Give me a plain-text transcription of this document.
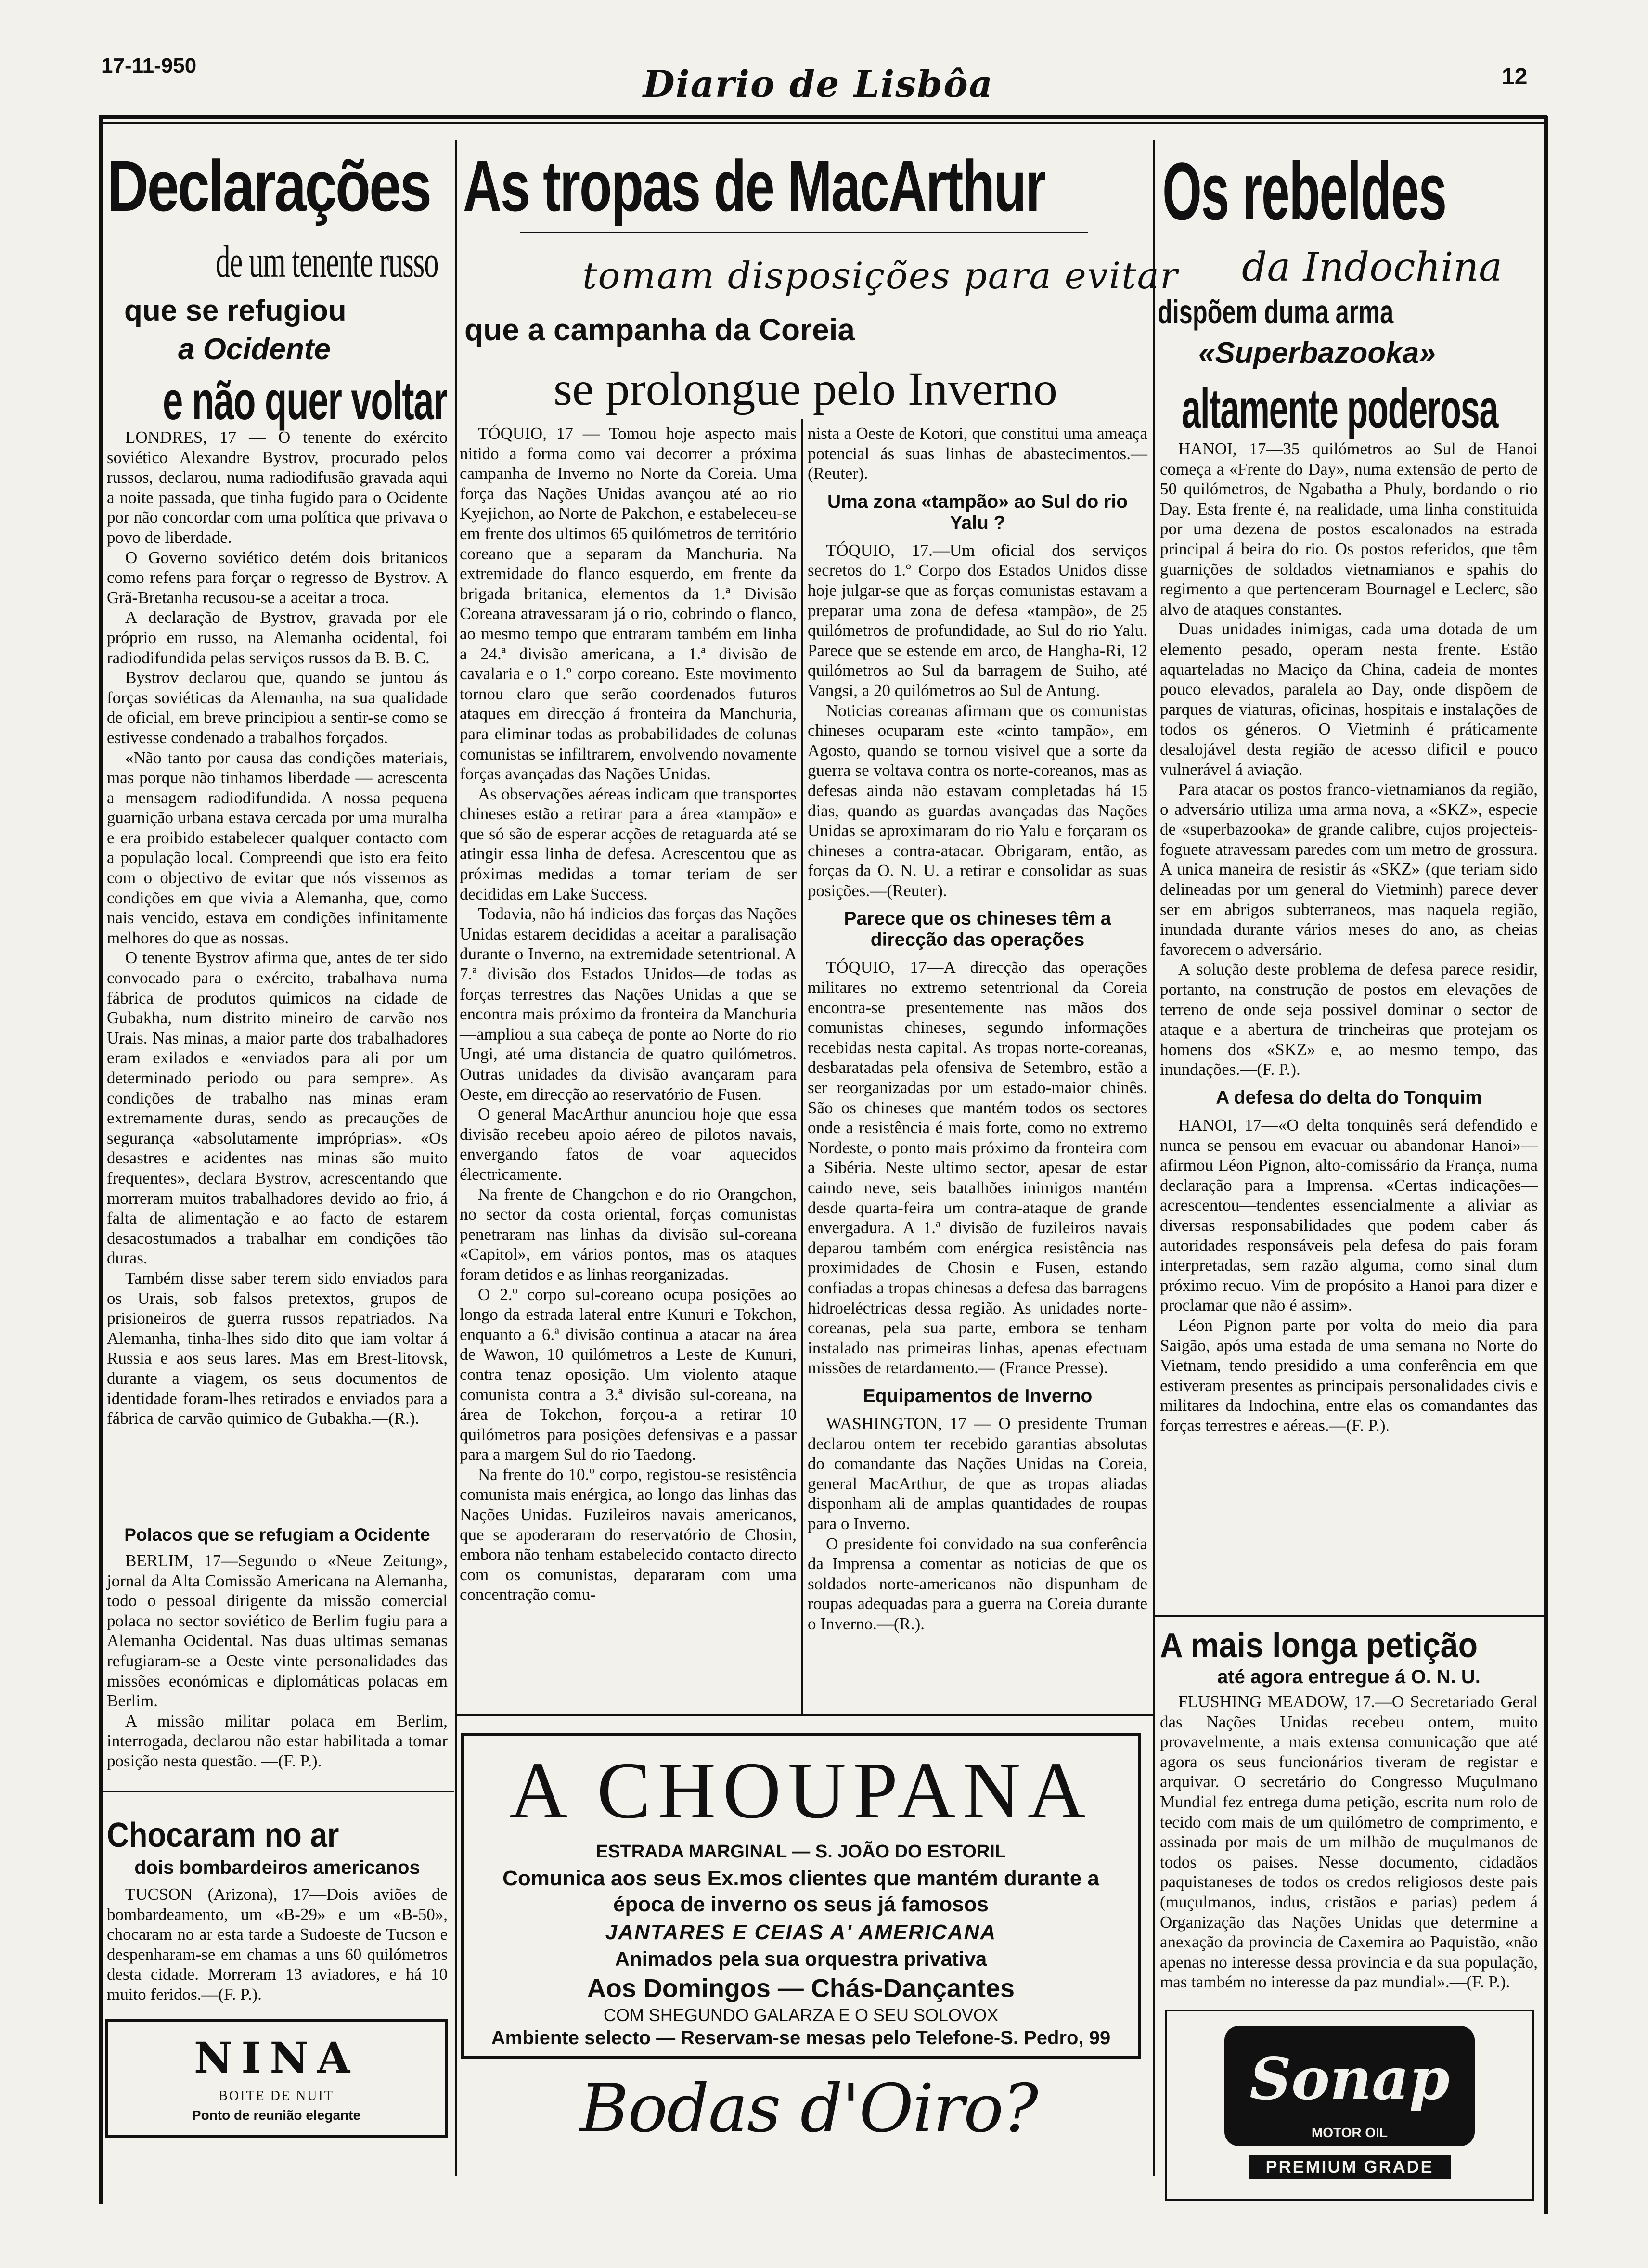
17-11-950	Diario de Lisbôa	12
Declarações
de um tenente russo
que se refugiou
a Ocidente
e não quer voltar

LONDRES, 17 — O tenente do exército soviético Alexandre Bystrov, procurado pelos russos, declarou, numa radiodifusão gravada aqui a noite passada, que tinha fugido para o Ocidente por não concordar com uma política que privava o povo de liberdade.

O Governo soviético detém dois britanicos como refens para forçar o regresso de Bystrov. A Grã-Bretanha recusou-se a aceitar a troca.

A declaração de Bystrov, gravada por ele próprio em russo, na Alemanha ocidental, foi radiodifundida pelas serviços russos da B. B. C.

Bystrov declarou que, quando se juntou ás forças soviéticas da Alemanha, na sua qualidade de oficial, em breve principiou a sentir-se como se estivesse condenado a trabalhos forçados.

«Não tanto por causa das condições materiais, mas porque não tinhamos liberdade — acrescenta a mensagem radiodifundida. A nossa pequena guarnição urbana estava cercada por uma muralha e era proibido estabelecer qualquer contacto com a população local. Compreendi que isto era feito com o objectivo de evitar que nós vissemos as condições em que vivia a Alemanha, que, como nais vencido, estava em condições infinitamente melhores do que as nossas.

O tenente Bystrov afirma que, antes de ter sido convocado para o exército, trabalhava numa fábrica de produtos quimicos na cidade de Gubakha, num distrito mineiro de carvão nos Urais. Nas minas, a maior parte dos trabalhadores eram exilados e «enviados para ali por um determinado periodo ou para sempre». As condições de trabalho nas minas eram extremamente duras, sendo as precauções de segurança «absolutamente impróprias». «Os desastres e acidentes nas minas são muito frequentes», declara Bystrov, acrescentando que morreram muitos trabalhadores devido ao frio, á falta de alimentação e ao facto de estarem desacostumados a trabalhar em condições tão duras.

Também disse saber terem sido enviados para os Urais, sob falsos pretextos, grupos de prisioneiros de guerra russos repatriados. Na Alemanha, tinha-lhes sido dito que iam voltar á Russia e aos seus lares. Mas em Brest-litovsk, durante a viagem, os seus documentos de identidade foram-lhes retirados e enviados para a fábrica de carvão quimico de Gubakha.—(R.).

Polacos que se refugiam a Ocidente

BERLIM, 17—Segundo o «Neue Zeitung», jornal da Alta Comissão Americana na Alemanha, todo o pessoal dirigente da missão comercial polaca no sector soviético de Berlim fugiu para a Alemanha Ocidental. Nas duas ultimas semanas refugiaram-se a Oeste vinte personalidades das missões económicas e diplomáticas polacas em Berlim.

A missão militar polaca em Berlim, interrogada, declarou não estar habilitada a tomar posição nesta questão. —(F. P.).

Chocaram no ar
dois bombardeiros americanos

TUCSON (Arizona), 17—Dois aviões de bombardeamento, um «B-29» e um «B-50», chocaram no ar esta tarde a Sudoeste de Tucson e despenharam-se em chamas a uns 60 quilómetros desta cidade. Morreram 13 aviadores, e há 10 muito feridos.—(F. P.).

NINA
BOITE DE NUIT
Ponto de reunião elegante
As tropas de MacArthur
tomam disposições para evitar
que a campanha da Coreia
se prolongue pelo Inverno

TÓQUIO, 17 — Tomou hoje aspecto mais nitido a forma como vai decorrer a próxima campanha de Inverno no Norte da Coreia. Uma força das Nações Unidas avançou até ao rio Kyejichon, ao Norte de Pakchon, e estabeleceu-se em frente dos ultimos 65 quilómetros de território coreano que a separam da Manchuria. Na extremidade do flanco esquerdo, em frente da brigada britanica, elementos da 1.ª Divisão Coreana atravessaram já o rio, cobrindo o flanco, ao mesmo tempo que entraram também em linha a 24.ª divisão americana, a 1.ª divisão de cavalaria e o 1.º corpo coreano. Este movimento tornou claro que serão coordenados futuros ataques em direcção á fronteira da Manchuria, para eliminar todas as probabilidades de colunas comunistas se infiltrarem, envolvendo novamente forças avançadas das Nações Unidas.

As observações aéreas indicam que transportes chineses estão a retirar para a área «tampão» e que só são de esperar acções de retaguarda até se atingir essa linha de defesa. Acrescentou que as próximas medidas a tomar teriam de ser decididas em Lake Success.

Todavia, não há indicios das forças das Nações Unidas estarem decididas a aceitar a paralisação durante o Inverno, na extremidade setentrional. A 7.ª divisão dos Estados Unidos—de todas as forças terrestres das Nações Unidas a que se encontra mais próximo da fronteira da Manchuria—ampliou a sua cabeça de ponte ao Norte do rio Ungi, até uma distancia de quatro quilómetros. Outras unidades da divisão avançaram para Oeste, em direcção ao reservatório de Fusen.

O general MacArthur anunciou hoje que essa divisão recebeu apoio aéreo de pilotos navais, envergando fatos de voar aquecidos électricamente.

Na frente de Changchon e do rio Orangchon, no sector da costa oriental, forças comunistas penetraram nas linhas da divisão sul-coreana «Capitol», em vários pontos, mas os ataques foram detidos e as linhas reorganizadas.

O 2.º corpo sul-coreano ocupa posições ao longo da estrada lateral entre Kunuri e Tokchon, enquanto a 6.ª divisão continua a atacar na área de Wawon, 10 quilómetros a Leste de Kunuri, contra tenaz oposição. Um violento ataque comunista contra a 3.ª divisão sul-coreana, na área de Tokchon, forçou-a a retirar 10 quilómetros para posições defensivas e a passar para a margem Sul do rio Taedong.

Na frente do 10.º corpo, registou-se resistência comunista mais enérgica, ao longo das linhas das Nações Unidas. Fuzileiros navais americanos, que se apoderaram do reservatório de Chosin, embora não tenham estabelecido contacto directo com os comunistas, depararam com uma concentração comu-

nista a Oeste de Kotori, que constitui uma ameaça potencial ás suas linhas de abastecimentos.—(Reuter).

Uma zona «tampão» ao Sul do rio Yalu ?

TÓQUIO, 17.—Um oficial dos serviços secretos do 1.º Corpo dos Estados Unidos disse hoje julgar-se que as forças comunistas estavam a preparar uma zona de defesa «tampão», de 25 quilómetros de profundidade, ao Sul do rio Yalu. Parece que se estende em arco, de Hangha-Ri, 12 quilómetros ao Sul da barragem de Suiho, até Vangsi, a 20 quilómetros ao Sul de Antung.

Noticias coreanas afirmam que os comunistas chineses ocuparam este «cinto tampão», em Agosto, quando se tornou visivel que a sorte da guerra se voltava contra os norte-coreanos, mas as defesas ainda não estavam completadas há 15 dias, quando as guardas avançadas das Nações Unidas se aproximaram do rio Yalu e forçaram os chineses a contra-atacar. Obrigaram, então, as forças da O. N. U. a retirar e consolidar as suas posições.—(Reuter).

Parece que os chineses têm a direcção das operações

TÓQUIO, 17—A direcção das operações militares no extremo setentrional da Coreia encontra-se presentemente nas mãos dos comunistas chineses, segundo informações recebidas nesta capital. As tropas norte-coreanas, desbaratadas pela ofensiva de Setembro, estão a ser reorganizadas por um estado-maior chinês. São os chineses que mantém todos os sectores onde a resistência é mais forte, como no extremo Nordeste, o ponto mais próximo da fronteira com a Sibéria. Neste ultimo sector, apesar de estar caindo neve, seis batalhões inimigos mantém desde quarta-feira um contra-ataque de grande envergadura. A 1.ª divisão de fuzileiros navais deparou também com enérgica resistência nas proximidades de Chosin e Fusen, estando confiadas a tropas chinesas a defesa das barragens hidroeléctricas dessa região. As unidades norte-coreanas, pela sua parte, embora se tenham instalado nas primeiras linhas, apenas efectuam missões de retardamento.— (France Presse).

Equipamentos de Inverno

WASHINGTON, 17 — O presidente Truman declarou ontem ter recebido garantias absolutas do comandante das Nações Unidas na Coreia, general MacArthur, de que as tropas aliadas disponham ali de amplas quantidades de roupas para o Inverno.

O presidente foi convidado na sua conferência da Imprensa a comentar as noticias de que os soldados norte-americanos não dispunham de roupas adequadas para a guerra na Coreia durante o Inverno.—(R.).

A CHOUPANA
ESTRADA MARGINAL — S. JOÃO DO ESTORIL
Comunica aos seus Ex.mos clientes que mantém durante a
época de inverno os seus já famosos
JANTARES E CEIAS A' AMERICANA
Animados pela sua orquestra privativa
Aos Domingos — Chás-Dançantes
COM SHEGUNDO GALARZA E O SEU SOLOVOX
Ambiente selecto — Reservam-se mesas pelo Telefone-S. Pedro, 99
Bodas d'Oiro?
Os rebeldes
da Indochina
dispõem duma arma
«Superbazooka»
altamente poderosa

HANOI, 17—35 quilómetros ao Sul de Hanoi começa a «Frente do Day», numa extensão de perto de 50 quilómetros, de Ngabatha a Phuly, bordando o rio Day. Esta frente é, na realidade, uma linha constituida por uma dezena de postos escalonados na estrada principal á beira do rio. Os postos referidos, que têm guarnições de soldados vietnamianos e spahis do regimento a que pertenceram Bournagel e Leclerc, são alvo de ataques constantes.

Duas unidades inimigas, cada uma dotada de um elemento pesado, operam nesta frente. Estão aquarteladas no Maciço da China, cadeia de montes pouco elevados, paralela ao Day, onde dispõem de parques de viaturas, oficinas, hospitais e instalações de todos os géneros. O Vietminh é práticamente desalojável desta região de acesso dificil e pouco vulnerável á aviação.

Para atacar os postos franco-vietnamianos da região, o adversário utiliza uma arma nova, a «SKZ», especie de «superbazooka» de grande calibre, cujos projecteis-foguete atravessam paredes com um metro de grossura. A unica maneira de resistir ás «SKZ» (que teriam sido delineadas por um general do Vietminh) parece dever ser em abrigos subterraneos, mas naquela região, inundada durante vários meses do ano, as cheias favorecem o adversário.

A solução deste problema de defesa parece residir, portanto, na construção de postos em elevações de terreno de onde seja possivel dominar o sector de ataque e a abertura de trincheiras que protejam os homens dos «SKZ» e, ao mesmo tempo, das inundações.—(F. P.).

A defesa do delta do Tonquim

HANOI, 17—«O delta tonquinês será defendido e nunca se pensou em evacuar ou abandonar Hanoi»—afirmou Léon Pignon, alto-comissário da França, numa declaração para a Imprensa. «Certas indicações—acrescentou—tendentes essencialmente a aliviar as diversas responsabilidades que podem caber ás autoridades responsáveis pela defesa do pais foram interpretadas, sem razão alguma, como sinal dum próximo recuo. Vim de propósito a Hanoi para dizer e proclamar que não é assim».

Léon Pignon parte por volta do meio dia para Saigão, após uma estada de uma semana no Norte do Vietnam, tendo presidido a uma conferência em que estiveram presentes as principais personalidades civis e militares da Indochina, entre elas os comandantes das forças terrestres e aéreas.—(F. P.).

A mais longa petição
até agora entregue á O. N. U.

FLUSHING MEADOW, 17.—O Secretariado Geral das Nações Unidas recebeu ontem, muito provavelmente, a mais extensa comunicação que até agora os seus funcionários tiveram de registar e arquivar. O secretário do Congresso Muçulmano Mundial fez entrega duma petição, escrita num rolo de tecido com mais de um quilómetro de comprimento, e assinada por mais de um milhão de muçulmanos de todos os paises. Nesse documento, cidadãos paquistaneses de todos os credos religiosos deste pais (muçulmanos, indus, cristãos e parias) pedem á Organização das Nações Unidas que determine a anexação da provincia de Caxemira ao Paquistão, «não apenas no interesse dessa provincia e da sua população, mas também no interesse da paz mundial».—(F. P.).

Sonap
MOTOR OIL
PREMIUM GRADE
